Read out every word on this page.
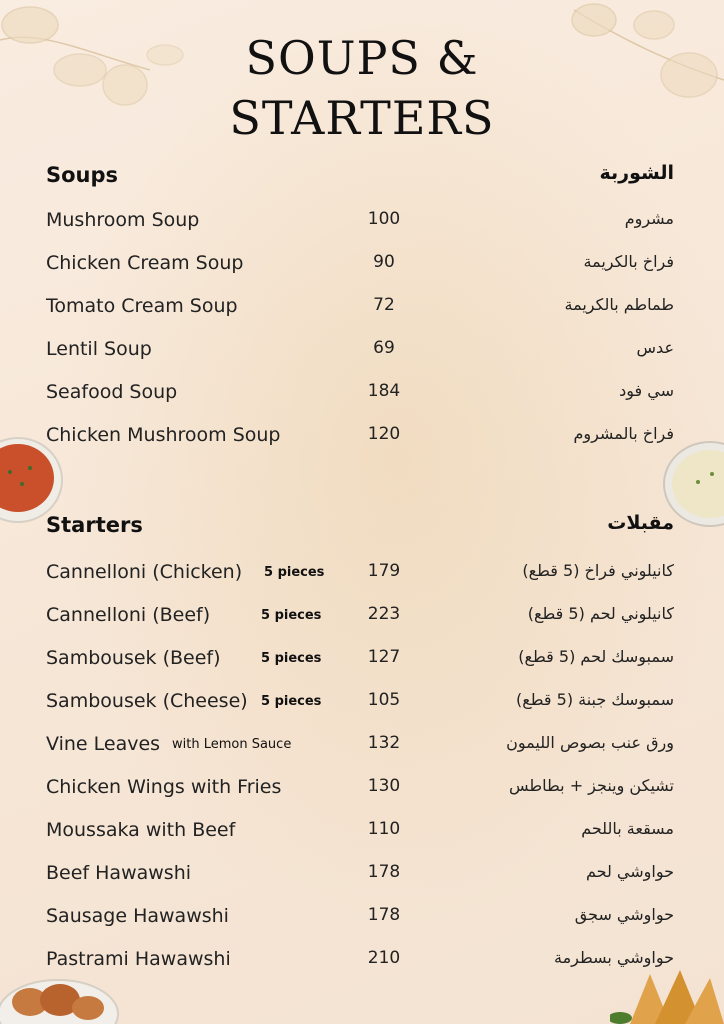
SOUPS &
STARTERS
Soups	الشوربة
Mushroom Soup	100	مشروم
Chicken Cream Soup	90	فراخ بالكريمة
Tomato Cream Soup	72	طماطم بالكريمة
Lentil Soup	69	عدس
Seafood Soup	184	سي فود
Chicken Mushroom Soup	120	فراخ بالمشروم
Starters	مقبلات
Cannelloni (Chicken) 5 pieces	179	كانيلوني فراخ (5 قطع)
Cannelloni (Beef)	5 pieces	223	كانيلوني لحم (5 قطع)
Sambousek (Beef)	5 pieces	127	سمبوسك لحم (5 قطع)
Sambousek (Cheese) 5 pieces	105	سمبوسك جبنة (5 قطع)
Vine Leaves with Lemon Sauce	132	ورق عنب بصوص الليمون
Chicken Wings with Fries	130	تشيكن وينجز + بطاطس
Moussaka with Beef	110	مسقعة باللحم
Beef Hawawshi	178	حواوشي لحم
Sausage Hawawshi	178	حواوشي سجق
Pastrami Hawawshi	210	حواوشي بسطرمة
